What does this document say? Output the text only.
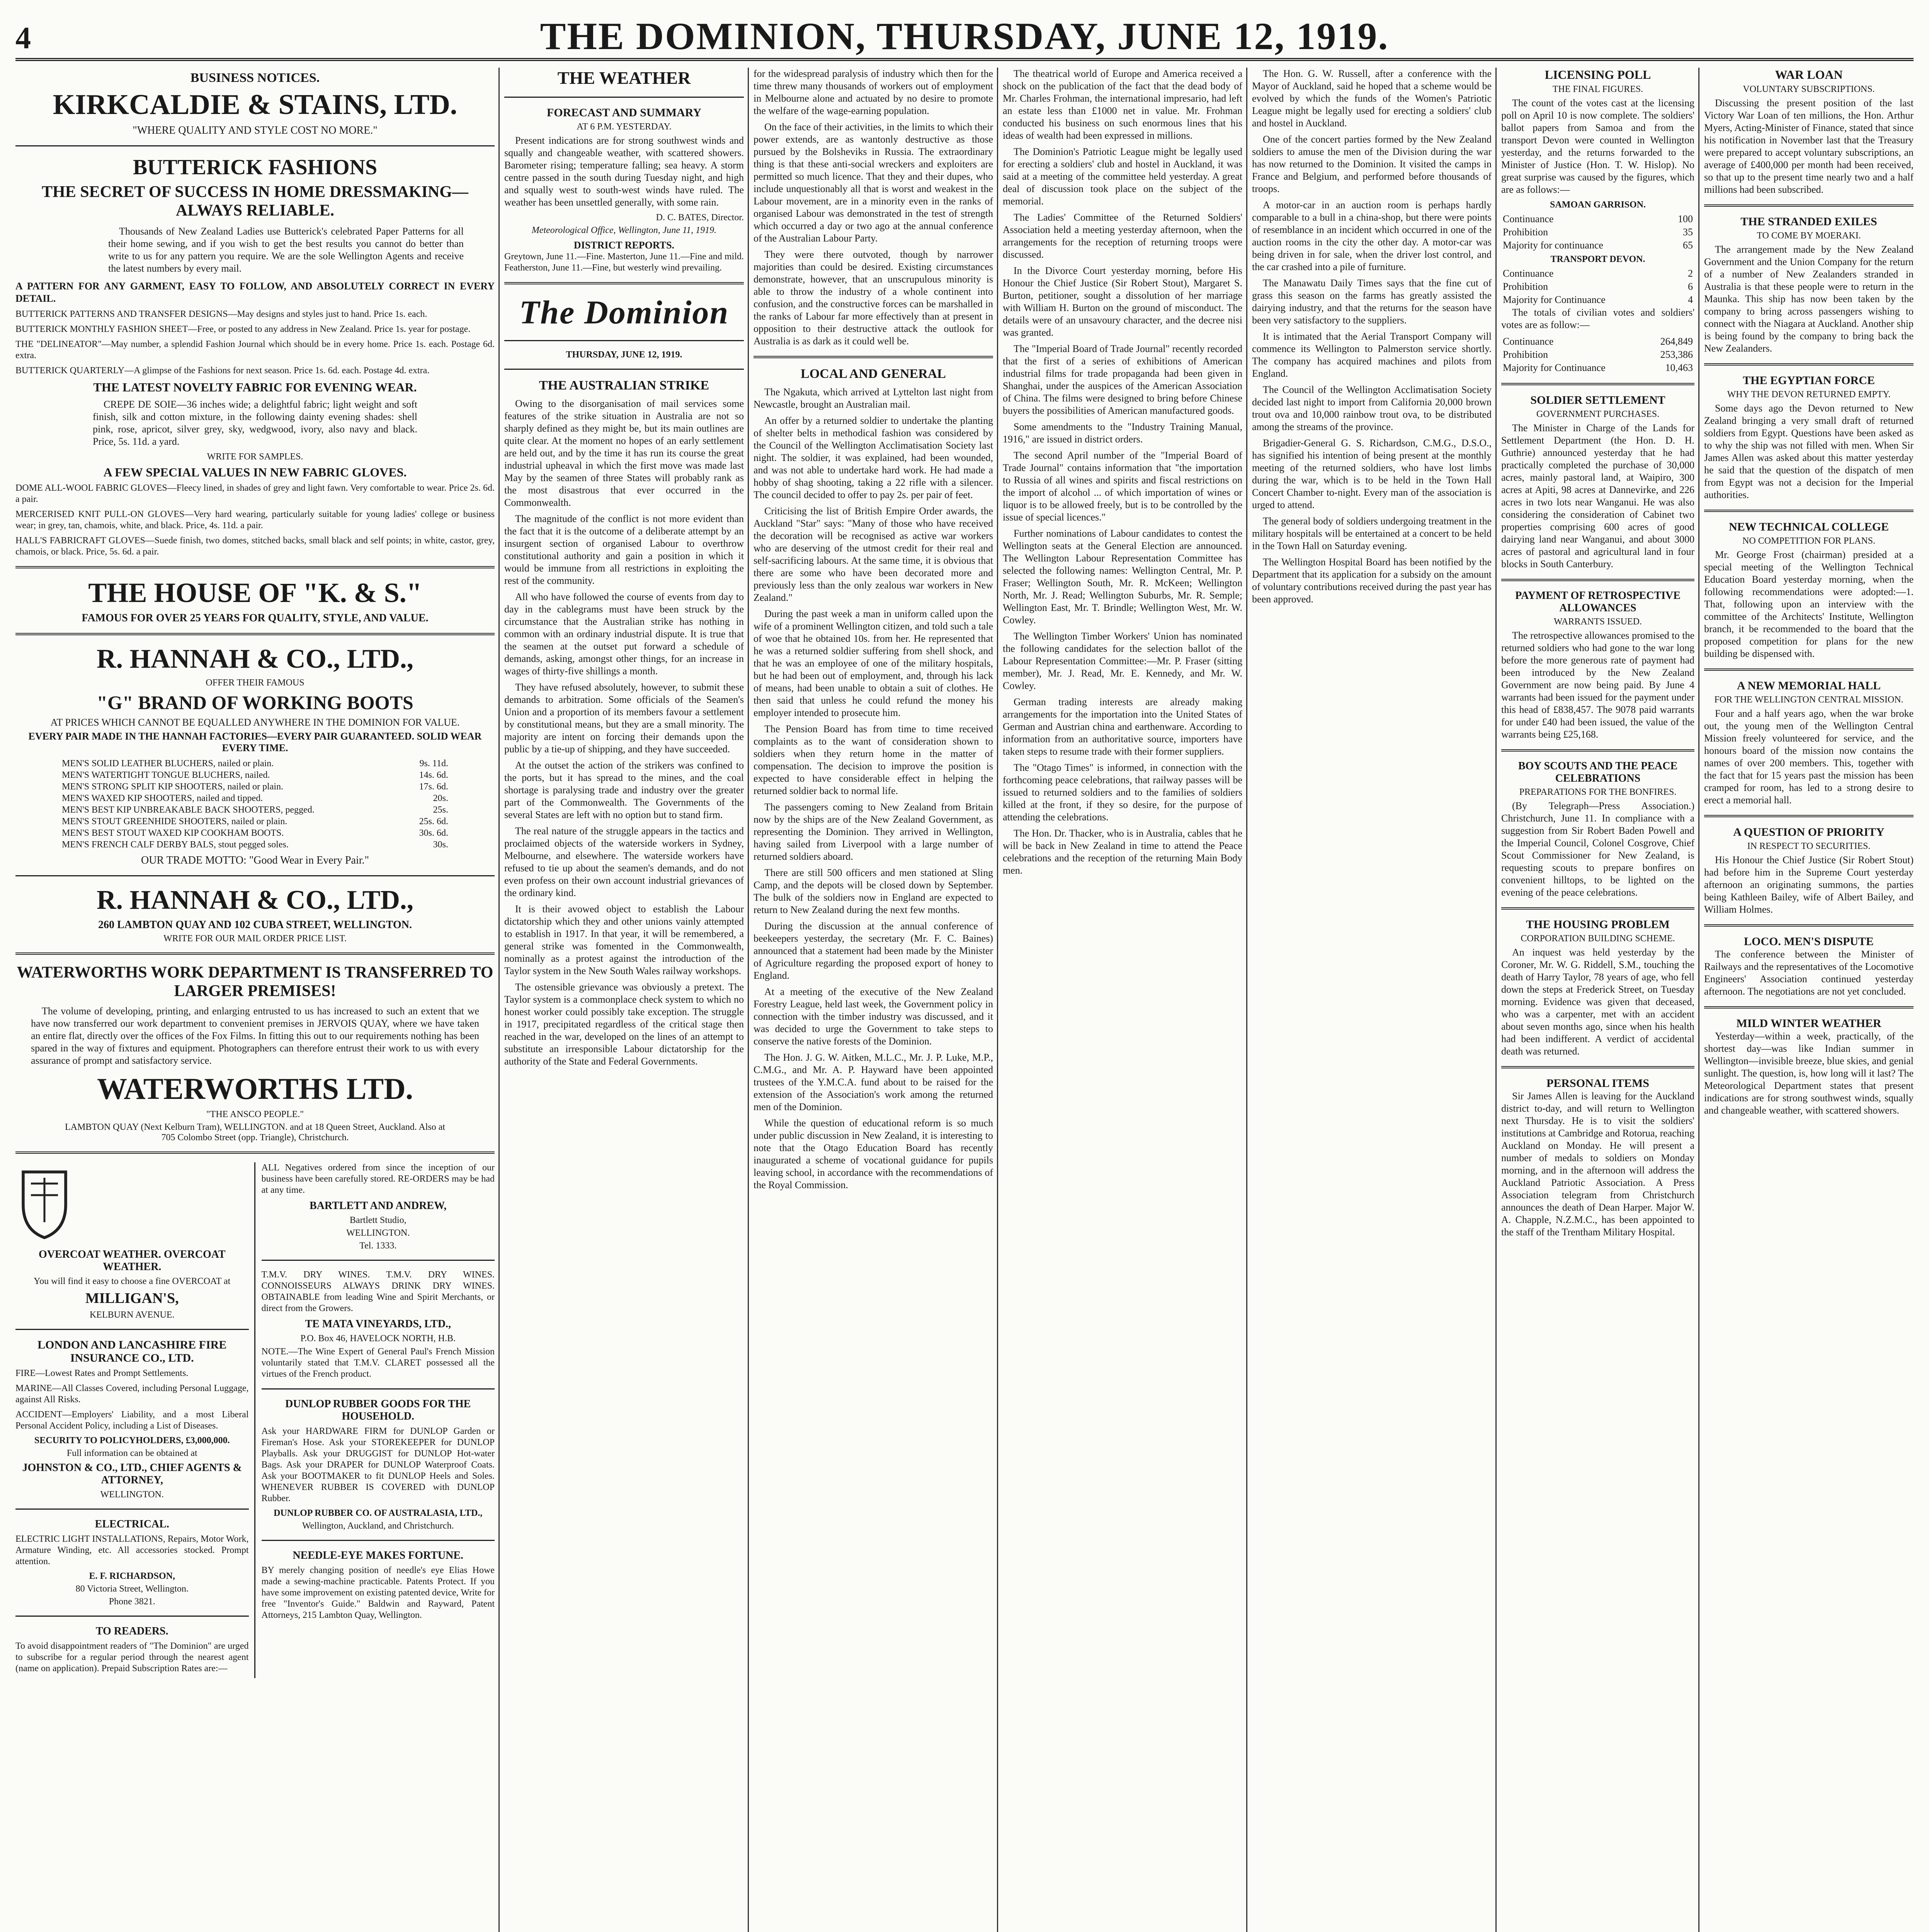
4	THE DOMINION, THURSDAY, JUNE 12, 1919.
BUSINESS NOTICES.
KIRKCALDIE & STAINS, LTD.
"WHERE QUALITY AND STYLE COST NO MORE."
BUTTERICK FASHIONS
THE SECRET OF SUCCESS IN HOME DRESSMAKING—ALWAYS RELIABLE.

Thousands of New Zealand Ladies use Butterick's celebrated Paper Patterns for all their home sewing, and if you wish to get the best results you cannot do better than write to us for any pattern you require. We are the sole Wellington Agents and receive the latest numbers by every mail.

A PATTERN FOR ANY GARMENT, EASY TO FOLLOW, AND ABSOLUTELY CORRECT IN EVERY DETAIL.

BUTTERICK PATTERNS AND TRANSFER DESIGNS—May designs and styles just to hand. Price 1s. each.

BUTTERICK MONTHLY FASHION SHEET—Free, or posted to any address in New Zealand. Price 1s. year for postage.

THE "DELINEATOR"—May number, a splendid Fashion Journal which should be in every home. Price 1s. each. Postage 6d. extra.

BUTTERICK QUARTERLY—A glimpse of the Fashions for next season. Price 1s. 6d. each. Postage 4d. extra.

THE LATEST NOVELTY FABRIC FOR EVENING WEAR.

CREPE DE SOIE—36 inches wide; a delightful fabric; light weight and soft finish, silk and cotton mixture, in the following dainty evening shades: shell pink, rose, apricot, silver grey, sky, wedgwood, ivory, also navy and black. Price, 5s. 11d. a yard.

WRITE FOR SAMPLES.
A FEW SPECIAL VALUES IN NEW FABRIC GLOVES.

DOME ALL-WOOL FABRIC GLOVES—Fleecy lined, in shades of grey and light fawn. Very comfortable to wear. Price 2s. 6d. a pair.

MERCERISED KNIT PULL-ON GLOVES—Very hard wearing, particularly suitable for young ladies' college or business wear; in grey, tan, chamois, white, and black. Price, 4s. 11d. a pair.

HALL'S FABRICRAFT GLOVES—Suede finish, two domes, stitched backs, small black and self points; in white, castor, grey, chamois, or black. Price, 5s. 6d. a pair.

THE HOUSE OF "K. & S."
FAMOUS FOR OVER 25 YEARS FOR QUALITY, STYLE, AND VALUE.
R. HANNAH & CO., LTD.,
OFFER THEIR FAMOUS
"G" BRAND OF WORKING BOOTS
AT PRICES WHICH CANNOT BE EQUALLED ANYWHERE IN THE DOMINION FOR VALUE.
EVERY PAIR MADE IN THE HANNAH FACTORIES—EVERY PAIR GUARANTEED. SOLID WEAR EVERY TIME.
MEN'S SOLID LEATHER BLUCHERS, nailed or plain.	9s. 11d.
MEN'S WATERTIGHT TONGUE BLUCHERS, nailed.	14s. 6d.
MEN'S STRONG SPLIT KIP SHOOTERS, nailed or plain.	17s. 6d.
MEN'S WAXED KIP SHOOTERS, nailed and tipped.	20s.
MEN'S BEST KIP UNBREAKABLE BACK SHOOTERS, pegged.	25s.
MEN'S STOUT GREENHIDE SHOOTERS, nailed or plain.	25s. 6d.
MEN'S BEST STOUT WAXED KIP COOKHAM BOOTS.	30s. 6d.
MEN'S FRENCH CALF DERBY BALS, stout pegged soles.	30s.
OUR TRADE MOTTO: "Good Wear in Every Pair."
R. HANNAH & CO., LTD.,
260 LAMBTON QUAY AND 102 CUBA STREET, WELLINGTON.
WRITE FOR OUR MAIL ORDER PRICE LIST.
WATERWORTHS WORK DEPARTMENT IS TRANSFERRED TO LARGER PREMISES!

The volume of developing, printing, and enlarging entrusted to us has increased to such an extent that we have now transferred our work department to convenient premises in JERVOIS QUAY, where we have taken an entire flat, directly over the offices of the Fox Films. In fitting this out to our requirements nothing has been spared in the way of fixtures and equipment. Photographers can therefore entrust their work to us with every assurance of prompt and satisfactory service.

WATERWORTHS LTD.
"THE ANSCO PEOPLE."
LAMBTON QUAY (Next Kelburn Tram), WELLINGTON. and at 18 Queen Street, Auckland. Also at 705 Colombo Street (opp. Triangle), Christchurch.
OVERCOAT WEATHER. OVERCOAT WEATHER.
You will find it easy to choose a fine OVERCOAT at
MILLIGAN'S,
KELBURN AVENUE.
LONDON AND LANCASHIRE FIRE INSURANCE CO., LTD.

FIRE—Lowest Rates and Prompt Settlements.

MARINE—All Classes Covered, including Personal Luggage, against All Risks.

ACCIDENT—Employers' Liability, and a most Liberal Personal Accident Policy, including a List of Diseases.

SECURITY TO POLICYHOLDERS, £3,000,000.
Full information can be obtained at
JOHNSTON & CO., LTD., CHIEF AGENTS & ATTORNEY,
WELLINGTON.
ELECTRICAL.

ELECTRIC LIGHT INSTALLATIONS, Repairs, Motor Work, Armature Winding, etc. All accessories stocked. Prompt attention.

E. F. RICHARDSON,
80 Victoria Street, Wellington.
Phone 3821.
TO READERS.

To avoid disappointment readers of "The Dominion" are urged to subscribe for a regular period through the nearest agent (name on application). Prepaid Subscription Rates are:—

ALL Negatives ordered from since the inception of our business have been carefully stored. RE-ORDERS may be had at any time.

BARTLETT AND ANDREW,
Bartlett Studio,
WELLINGTON.
Tel. 1333.

T.M.V. DRY WINES. T.M.V. DRY WINES. CONNOISSEURS ALWAYS DRINK DRY WINES. OBTAINABLE from leading Wine and Spirit Merchants, or direct from the Growers.

TE MATA VINEYARDS, LTD.,
P.O. Box 46, HAVELOCK NORTH, H.B.

NOTE.—The Wine Expert of General Paul's French Mission voluntarily stated that T.M.V. CLARET possessed all the virtues of the French product.

DUNLOP RUBBER GOODS FOR THE HOUSEHOLD.

Ask your HARDWARE FIRM for DUNLOP Garden or Fireman's Hose. Ask your STOREKEEPER for DUNLOP Playballs. Ask your DRUGGIST for DUNLOP Hot-water Bags. Ask your DRAPER for DUNLOP Waterproof Coats. Ask your BOOTMAKER to fit DUNLOP Heels and Soles. WHENEVER RUBBER IS COVERED with DUNLOP Rubber.

DUNLOP RUBBER CO. OF AUSTRALASIA, LTD.,
Wellington, Auckland, and Christchurch.
NEEDLE-EYE MAKES FORTUNE.

BY merely changing position of needle's eye Elias Howe made a sewing-machine practicable. Patents Protect. If you have some improvement on existing patented device, Write for free "Inventor's Guide." Baldwin and Rayward, Patent Attorneys, 215 Lambton Quay, Wellington.

THE WEATHER
FORECAST AND SUMMARY
AT 6 P.M. YESTERDAY.

Present indications are for strong southwest winds and squally and changeable weather, with scattered showers. Barometer rising; temperature falling; sea heavy. A storm centre passed in the south during Tuesday night, and high and squally west to south-west winds have ruled. The weather has been unsettled generally, with some rain.

D. C. BATES, Director.
Meteorological Office, Wellington, June 11, 1919.
DISTRICT REPORTS.

Greytown, June 11.—Fine. Masterton, June 11.—Fine and mild. Featherston, June 11.—Fine, but westerly wind prevailing.

The Dominion
THURSDAY, JUNE 12, 1919.
THE AUSTRALIAN STRIKE

Owing to the disorganisation of mail services some features of the strike situation in Australia are not so sharply defined as they might be, but its main outlines are quite clear. At the moment no hopes of an early settlement are held out, and by the time it has run its course the great industrial upheaval in which the first move was made last May by the seamen of three States will probably rank as the most disastrous that ever occurred in the Commonwealth.

The magnitude of the conflict is not more evident than the fact that it is the outcome of a deliberate attempt by an insurgent section of organised Labour to overthrow constitutional authority and gain a position in which it would be immune from all restrictions in exploiting the rest of the community.

All who have followed the course of events from day to day in the cablegrams must have been struck by the circumstance that the Australian strike has nothing in common with an ordinary industrial dispute. It is true that the seamen at the outset put forward a schedule of demands, asking, amongst other things, for an increase in wages of thirty-five shillings a month.

They have refused absolutely, however, to submit these demands to arbitration. Some officials of the Seamen's Union and a proportion of its members favour a settlement by constitutional means, but they are a small minority. The majority are intent on forcing their demands upon the public by a tie-up of shipping, and they have succeeded.

At the outset the action of the strikers was confined to the ports, but it has spread to the mines, and the coal shortage is paralysing trade and industry over the greater part of the Commonwealth. The Governments of the several States are left with no option but to stand firm.

The real nature of the struggle appears in the tactics and proclaimed objects of the waterside workers in Sydney, Melbourne, and elsewhere. The waterside workers have refused to tie up about the seamen's demands, and do not even profess on their own account industrial grievances of the ordinary kind.

It is their avowed object to establish the Labour dictatorship which they and other unions vainly attempted to establish in 1917. In that year, it will be remembered, a general strike was fomented in the Commonwealth, nominally as a protest against the introduction of the Taylor system in the New South Wales railway workshops.

The ostensible grievance was obviously a pretext. The Taylor system is a commonplace check system to which no honest worker could possibly take exception. The struggle in 1917, precipitated regardless of the critical stage then reached in the war, developed on the lines of an attempt to substitute an irresponsible Labour dictatorship for the authority of the State and Federal Governments.

for the widespread paralysis of industry which then for the time threw many thousands of workers out of employment in Melbourne alone and actuated by no desire to promote the welfare of the wage-earning population.

On the face of their activities, in the limits to which their power extends, are as wantonly destructive as those pursued by the Bolsheviks in Russia. The extraordinary thing is that these anti-social wreckers and exploiters are permitted so much licence. That they and their dupes, who include unquestionably all that is worst and weakest in the Labour movement, are in a minority even in the ranks of organised Labour was demonstrated in the test of strength which occurred a day or two ago at the annual conference of the Australian Labour Party.

They were there outvoted, though by narrower majorities than could be desired. Existing circumstances demonstrate, however, that an unscrupulous minority is able to throw the industry of a whole continent into confusion, and the constructive forces can be marshalled in the ranks of Labour far more effectively than at present in opposition to their destructive attack the outlook for Australia is as dark as it could well be.

LOCAL AND GENERAL

The Ngakuta, which arrived at Lyttelton last night from Newcastle, brought an Australian mail.

An offer by a returned soldier to undertake the planting of shelter belts in methodical fashion was considered by the Council of the Wellington Acclimatisation Society last night. The soldier, it was explained, had been wounded, and was not able to undertake hard work. He had made a hobby of shag shooting, taking a 22 rifle with a silencer. The council decided to offer to pay 2s. per pair of feet.

Criticising the list of British Empire Order awards, the Auckland "Star" says: "Many of those who have received the decoration will be recognised as active war workers who are deserving of the utmost credit for their real and self-sacrificing labours. At the same time, it is obvious that there are some who have been decorated more and previously less than the only zealous war workers in New Zealand."

During the past week a man in uniform called upon the wife of a prominent Wellington citizen, and told such a tale of woe that he obtained 10s. from her. He represented that he was a returned soldier suffering from shell shock, and that he was an employee of one of the military hospitals, but he had been out of employment, and, through his lack of means, had been unable to obtain a suit of clothes. He then said that unless he could refund the money his employer intended to prosecute him.

The Pension Board has from time to time received complaints as to the want of consideration shown to soldiers when they return home in the matter of compensation. The decision to improve the position is expected to have considerable effect in helping the returned soldier back to normal life.

The passengers coming to New Zealand from Britain now by the ships are of the New Zealand Government, as representing the Dominion. They arrived in Wellington, having sailed from Liverpool with a large number of returned soldiers aboard.

There are still 500 officers and men stationed at Sling Camp, and the depots will be closed down by September. The bulk of the soldiers now in England are expected to return to New Zealand during the next few months.

During the discussion at the annual conference of beekeepers yesterday, the secretary (Mr. F. C. Baines) announced that a statement had been made by the Minister of Agriculture regarding the proposed export of honey to England.

At a meeting of the executive of the New Zealand Forestry League, held last week, the Government policy in connection with the timber industry was discussed, and it was decided to urge the Government to take steps to conserve the native forests of the Dominion.

The Hon. J. G. W. Aitken, M.L.C., Mr. J. P. Luke, M.P., C.M.G., and Mr. A. P. Hayward have been appointed trustees of the Y.M.C.A. fund about to be raised for the extension of the Association's work among the returned men of the Dominion.

While the question of educational reform is so much under public discussion in New Zealand, it is interesting to note that the Otago Education Board has recently inaugurated a scheme of vocational guidance for pupils leaving school, in accordance with the recommendations of the Royal Commission.

The theatrical world of Europe and America received a shock on the publication of the fact that the dead body of Mr. Charles Frohman, the international impresario, had left an estate less than £1000 net in value. Mr. Frohman conducted his business on such enormous lines that his ideas of wealth had been expressed in millions.

The Dominion's Patriotic League might be legally used for erecting a soldiers' club and hostel in Auckland, it was said at a meeting of the committee held yesterday. A great deal of discussion took place on the subject of the memorial.

The Ladies' Committee of the Returned Soldiers' Association held a meeting yesterday afternoon, when the arrangements for the reception of returning troops were discussed.

In the Divorce Court yesterday morning, before His Honour the Chief Justice (Sir Robert Stout), Margaret S. Burton, petitioner, sought a dissolution of her marriage with William H. Burton on the ground of misconduct. The details were of an unsavoury character, and the decree nisi was granted.

The "Imperial Board of Trade Journal" recently recorded that the first of a series of exhibitions of American industrial films for trade propaganda had been given in Shanghai, under the auspices of the American Association of China. The films were designed to bring before Chinese buyers the possibilities of American manufactured goods.

Some amendments to the "Industry Training Manual, 1916," are issued in district orders.

The second April number of the "Imperial Board of Trade Journal" contains information that "the importation to Russia of all wines and spirits and fiscal restrictions on the import of alcohol ... of which importation of wines or liquor is to be allowed freely, but is to be controlled by the issue of special licences."

Further nominations of Labour candidates to contest the Wellington seats at the General Election are announced. The Wellington Labour Representation Committee has selected the following names: Wellington Central, Mr. P. Fraser; Wellington South, Mr. R. McKeen; Wellington North, Mr. J. Read; Wellington Suburbs, Mr. R. Semple; Wellington East, Mr. T. Brindle; Wellington West, Mr. W. Cowley.

The Wellington Timber Workers' Union has nominated the following candidates for the selection ballot of the Labour Representation Committee:—Mr. P. Fraser (sitting member), Mr. J. Read, Mr. E. Kennedy, and Mr. W. Cowley.

German trading interests are already making arrangements for the importation into the United States of German and Austrian china and earthenware. According to information from an authoritative source, importers have taken steps to resume trade with their former suppliers.

The "Otago Times" is informed, in connection with the forthcoming peace celebrations, that railway passes will be issued to returned soldiers and to the families of soldiers killed at the front, if they so desire, for the purpose of attending the celebrations.

The Hon. Dr. Thacker, who is in Australia, cables that he will be back in New Zealand in time to attend the Peace celebrations and the reception of the returning Main Body men.

The Hon. G. W. Russell, after a conference with the Mayor of Auckland, said he hoped that a scheme would be evolved by which the funds of the Women's Patriotic League might be legally used for erecting a soldiers' club and hostel in Auckland.

One of the concert parties formed by the New Zealand soldiers to amuse the men of the Division during the war has now returned to the Dominion. It visited the camps in France and Belgium, and performed before thousands of troops.

A motor-car in an auction room is perhaps hardly comparable to a bull in a china-shop, but there were points of resemblance in an incident which occurred in one of the auction rooms in the city the other day. A motor-car was being driven in for sale, when the driver lost control, and the car crashed into a pile of furniture.

The Manawatu Daily Times says that the fine cut of grass this season on the farms has greatly assisted the dairying industry, and that the returns for the season have been very satisfactory to the suppliers.

It is intimated that the Aerial Transport Company will commence its Wellington to Palmerston service shortly. The company has acquired machines and pilots from England.

The Council of the Wellington Acclimatisation Society decided last night to import from California 20,000 brown trout ova and 10,000 rainbow trout ova, to be distributed among the streams of the province.

Brigadier-General G. S. Richardson, C.M.G., D.S.O., has signified his intention of being present at the monthly meeting of the returned soldiers, who have lost limbs during the war, which is to be held in the Town Hall Concert Chamber to-night. Every man of the association is urged to attend.

The general body of soldiers undergoing treatment in the military hospitals will be entertained at a concert to be held in the Town Hall on Saturday evening.

The Wellington Hospital Board has been notified by the Department that its application for a subsidy on the amount of voluntary contributions received during the past year has been approved.

LICENSING POLL
THE FINAL FIGURES.

The count of the votes cast at the licensing poll on April 10 is now complete. The soldiers' ballot papers from Samoa and from the transport Devon were counted in Wellington yesterday, and the returns forwarded to the Minister of Justice (Hon. T. W. Hislop). No great surprise was caused by the figures, which are as follows:—

SAMOAN GARRISON.
Continuance	100
Prohibition	35
Majority for continuance	65
TRANSPORT DEVON.
Continuance	2
Prohibition	6
Majority for Continuance	4

The totals of civilian votes and soldiers' votes are as follow:—

Continuance	264,849
Prohibition	253,386
Majority for Continuance	10,463
SOLDIER SETTLEMENT
GOVERNMENT PURCHASES.

The Minister in Charge of the Lands for Settlement Department (the Hon. D. H. Guthrie) announced yesterday that he had practically completed the purchase of 30,000 acres, mainly pastoral land, at Waipiro, 300 acres at Apiti, 98 acres at Dannevirke, and 226 acres in two lots near Wanganui. He was also considering the consideration of Cabinet two properties comprising 600 acres of good dairying land near Wanganui, and about 3000 acres of pastoral and agricultural land in four blocks in South Canterbury.

PAYMENT OF RETROSPECTIVE ALLOWANCES
WARRANTS ISSUED.

The retrospective allowances promised to the returned soldiers who had gone to the war long before the more generous rate of payment had been introduced by the New Zealand Government are now being paid. By June 4 warrants had been issued for the payment under this head of £838,457. The 9078 paid warrants for under £40 had been issued, the value of the warrants being £25,168.

BOY SCOUTS AND THE PEACE CELEBRATIONS
PREPARATIONS FOR THE BONFIRES.

(By Telegraph—Press Association.) Christchurch, June 11. In compliance with a suggestion from Sir Robert Baden Powell and the Imperial Council, Colonel Cosgrove, Chief Scout Commissioner for New Zealand, is requesting scouts to prepare bonfires on convenient hilltops, to be lighted on the evening of the peace celebrations.

THE HOUSING PROBLEM
CORPORATION BUILDING SCHEME.

An inquest was held yesterday by the Coroner, Mr. W. G. Riddell, S.M., touching the death of Harry Taylor, 78 years of age, who fell down the steps at Frederick Street, on Tuesday morning. Evidence was given that deceased, who was a carpenter, met with an accident about seven months ago, since when his health had been indifferent. A verdict of accidental death was returned.

PERSONAL ITEMS

Sir James Allen is leaving for the Auckland district to-day, and will return to Wellington next Thursday. He is to visit the soldiers' institutions at Cambridge and Rotorua, reaching Auckland on Monday. He will present a number of medals to soldiers on Monday morning, and in the afternoon will address the Auckland Patriotic Association. A Press Association telegram from Christchurch announces the death of Dean Harper. Major W. A. Chapple, N.Z.M.C., has been appointed to the staff of the Trentham Military Hospital.

WAR LOAN
VOLUNTARY SUBSCRIPTIONS.

Discussing the present position of the last Victory War Loan of ten millions, the Hon. Arthur Myers, Acting-Minister of Finance, stated that since his notification in November last that the Treasury were prepared to accept voluntary subscriptions, an average of £400,000 per month had been received, so that up to the present time nearly two and a half millions had been subscribed.

THE STRANDED EXILES
TO COME BY MOERAKI.

The arrangement made by the New Zealand Government and the Union Company for the return of a number of New Zealanders stranded in Australia is that these people were to return in the Maunka. This ship has now been taken by the company to bring across passengers wishing to connect with the Niagara at Auckland. Another ship is being found by the company to bring back the New Zealanders.

THE EGYPTIAN FORCE
WHY THE DEVON RETURNED EMPTY.

Some days ago the Devon returned to New Zealand bringing a very small draft of returned soldiers from Egypt. Questions have been asked as to why the ship was not filled with men. When Sir James Allen was asked about this matter yesterday he said that the question of the dispatch of men from Egypt was not a decision for the Imperial authorities.

NEW TECHNICAL COLLEGE
NO COMPETITION FOR PLANS.

Mr. George Frost (chairman) presided at a special meeting of the Wellington Technical Education Board yesterday morning, when the following recommendations were adopted:—1. That, following upon an interview with the committee of the Architects' Institute, Wellington branch, it be recommended to the board that the proposed competition for plans for the new building be dispensed with.

A NEW MEMORIAL HALL
FOR THE WELLINGTON CENTRAL MISSION.

Four and a half years ago, when the war broke out, the young men of the Wellington Central Mission freely volunteered for service, and the honours board of the mission now contains the names of over 200 members. This, together with the fact that for 15 years past the mission has been cramped for room, has led to a strong desire to erect a memorial hall.

A QUESTION OF PRIORITY
IN RESPECT TO SECURITIES.

His Honour the Chief Justice (Sir Robert Stout) had before him in the Supreme Court yesterday afternoon an originating summons, the parties being Kathleen Bailey, wife of Albert Bailey, and William Holmes.

LOCO. MEN'S DISPUTE

The conference between the Minister of Railways and the representatives of the Locomotive Engineers' Association continued yesterday afternoon. The negotiations are not yet concluded.

MILD WINTER WEATHER

Yesterday—within a week, practically, of the shortest day—was like Indian summer in Wellington—invisible breeze, blue skies, and genial sunlight. The question, is, how long will it last? The Meteorological Department states that present indications are for strong southwest winds, squally and changeable weather, with scattered showers.
